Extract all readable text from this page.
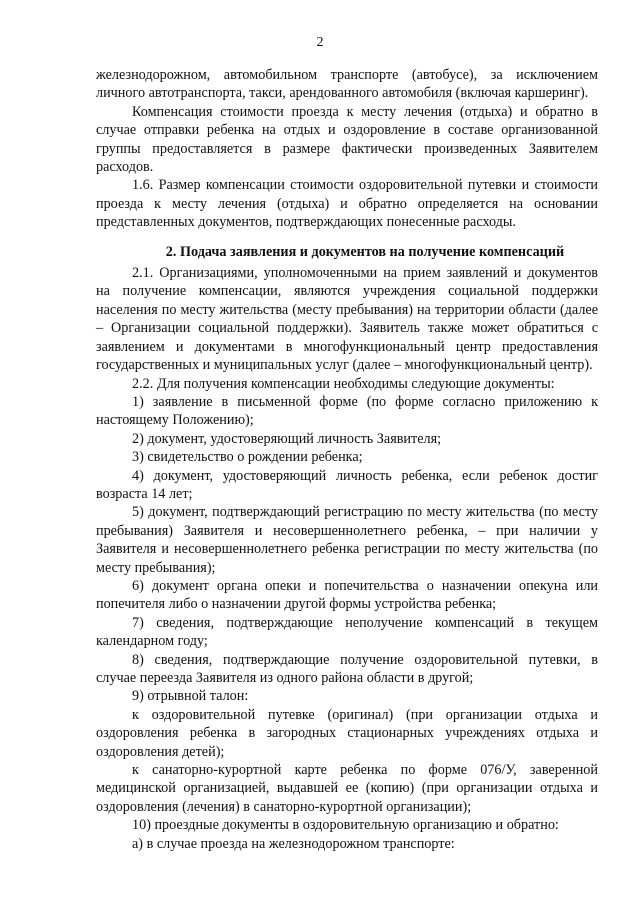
2

железнодорожном, автомобильном транспорте (автобусе), за исключением личного автотранспорта, такси, арендованного автомобиля (включая каршеринг).

Компенсация стоимости проезда к месту лечения (отдыха) и обратно в случае отправки ребенка на отдых и оздоровление в составе организованной группы предоставляется в размере фактически произведенных Заявителем расходов.

1.6. Размер компенсации стоимости оздоровительной путевки и стоимости проезда к месту лечения (отдыха) и обратно определяется на основании представленных документов, подтверждающих понесенные расходы.

2. Подача заявления и документов на получение компенсаций

2.1. Организациями, уполномоченными на прием заявлений и документов на получение компенсации, являются учреждения социальной поддержки населения по месту жительства (месту пребывания) на территории области (далее – Организации социальной поддержки). Заявитель также может обратиться с заявлением и документами в многофункциональный центр предоставления государственных и муниципальных услуг (далее – многофункциональный центр).

2.2. Для получения компенсации необходимы следующие документы:

1) заявление в письменной форме (по форме согласно приложению к настоящему Положению);

2) документ, удостоверяющий личность Заявителя;

3) свидетельство о рождении ребенка;

4) документ, удостоверяющий личность ребенка, если ребенок достиг возраста 14 лет;

5) документ, подтверждающий регистрацию по месту жительства (по месту пребывания) Заявителя и несовершеннолетнего ребенка, – при наличии у Заявителя и несовершеннолетнего ребенка регистрации по месту жительства (по месту пребывания);

6) документ органа опеки и попечительства о назначении опекуна или попечителя либо о назначении другой формы устройства ребенка;

7) сведения, подтверждающие неполучение компенсаций в текущем календарном году;

8) сведения, подтверждающие получение оздоровительной путевки, в случае переезда Заявителя из одного района области в другой;

9) отрывной талон:

к оздоровительной путевке (оригинал) (при организации отдыха и оздоровления ребенка в загородных стационарных учреждениях отдыха и оздоровления детей);

к санаторно-курортной карте ребенка по форме 076/У, заверенной медицинской организацией, выдавшей ее (копию) (при организации отдыха и оздоровления (лечения) в санаторно-курортной организации);

10) проездные документы в оздоровительную организацию и обратно:

а) в случае проезда на железнодорожном транспорте:
